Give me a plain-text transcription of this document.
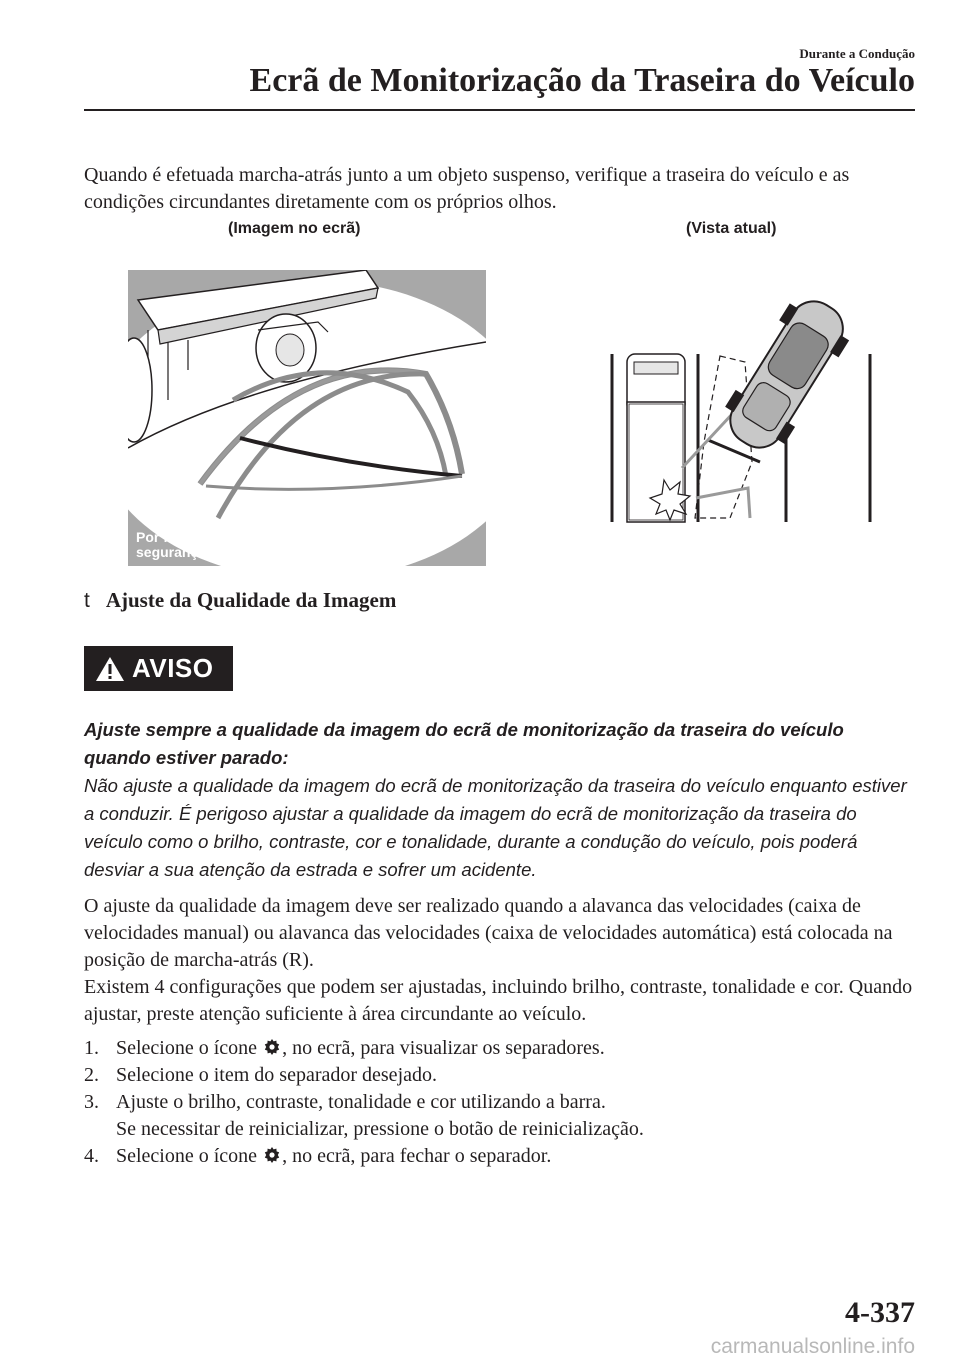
Durante a Condução
Ecrã de Monitorização da Traseira do Veículo
Quando é efetuada marcha-atrás junto a um objeto suspenso, verifique a traseira do veículo e as condições circundantes diretamente com os próprios olhos.
(Imagem no ecrã)	(Vista atual)
Por favor, verifique a zona em volta para sua segurança.
t Ajuste da Qualidade da Imagem
AVISO
Ajuste sempre a qualidade da imagem do ecrã de monitorização da traseira do veículo quando estiver parado:
Não ajuste a qualidade da imagem do ecrã de monitorização da traseira do veículo enquanto estiver a conduzir. É perigoso ajustar a qualidade da imagem do ecrã de monitorização da traseira do veículo como o brilho, contraste, cor e tonalidade, durante a condução do veículo, pois poderá desviar a sua atenção da estrada e sofrer um acidente.
O ajuste da qualidade da imagem deve ser realizado quando a alavanca das velocidades (caixa de velocidades manual) ou alavanca das velocidades (caixa de velocidades automática) está colocada na posição de marcha-atrás (R).
Existem 4 configurações que podem ser ajustadas, incluindo brilho, contraste, tonalidade e cor. Quando ajustar, preste atenção suficiente à área circundante ao veículo.
1. Selecione o ícone , no ecrã, para visualizar os separadores.
2. Selecione o item do separador desejado.
3. Ajuste o brilho, contraste, tonalidade e cor utilizando a barra.
Se necessitar de reinicializar, pressione o botão de reinicialização.
4. Selecione o ícone , no ecrã, para fechar o separador.
4-337
carmanualsonline.info
